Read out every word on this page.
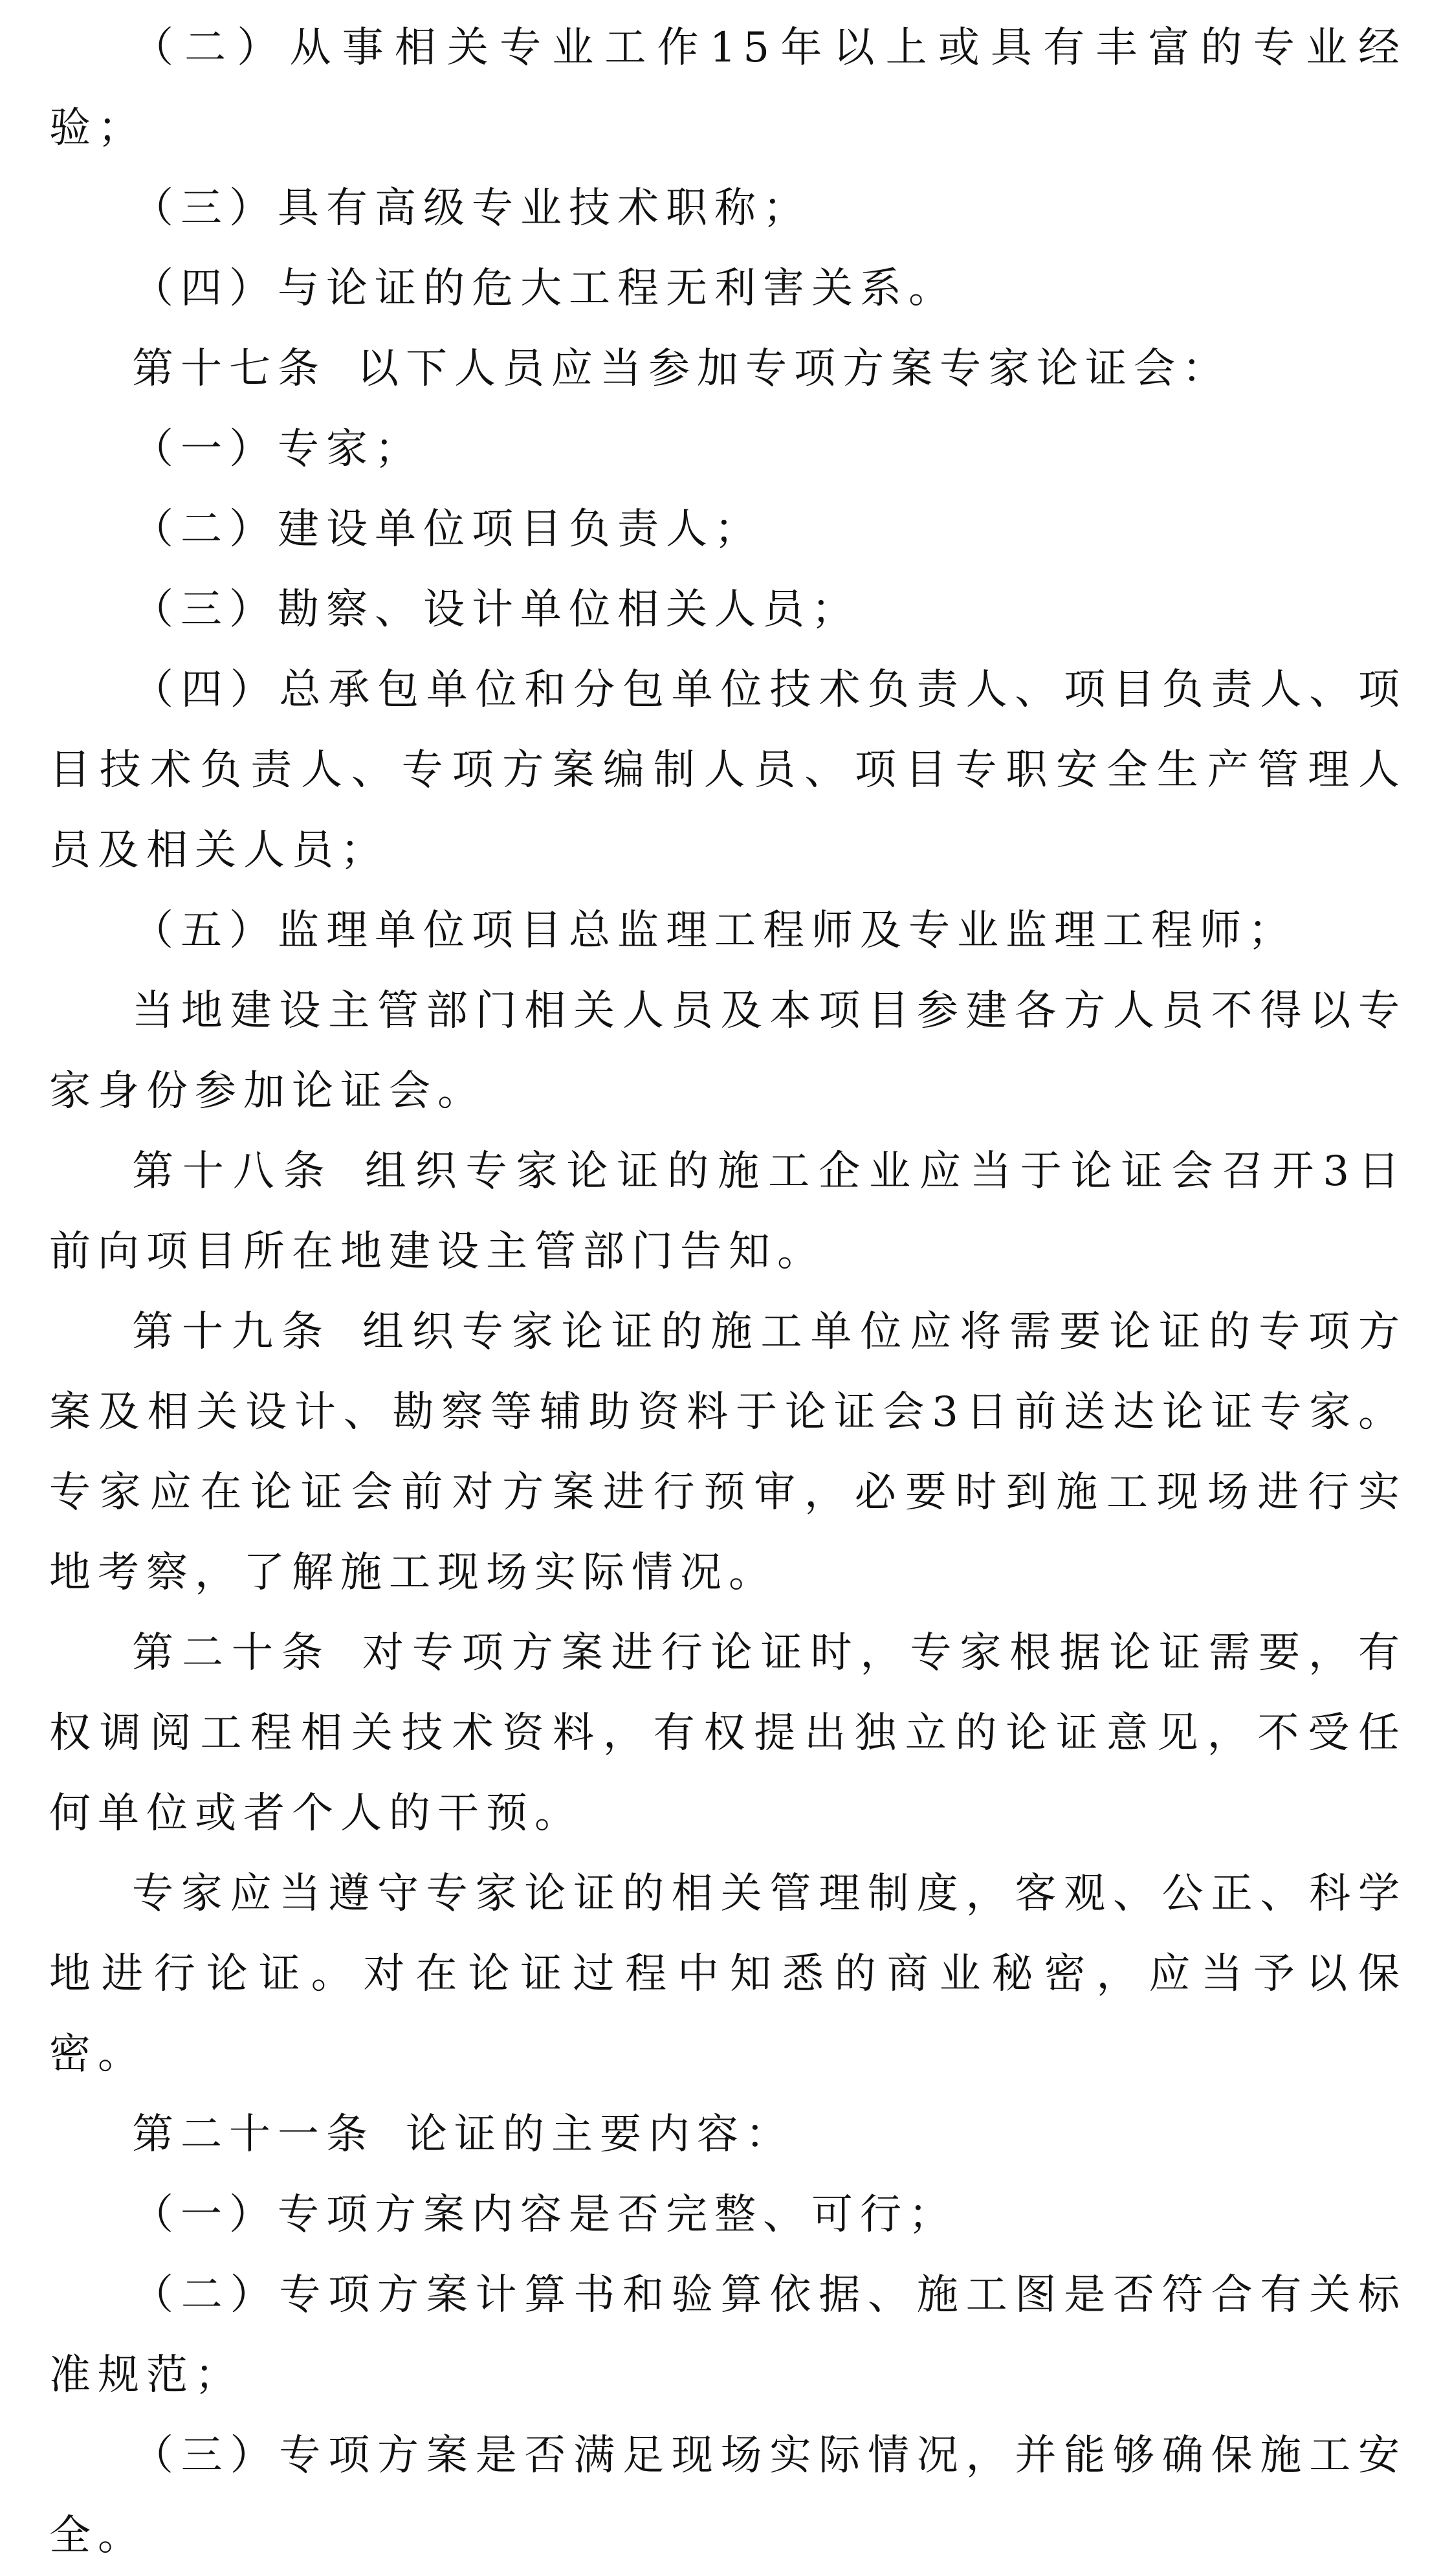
（二）从事相关专业工作15年以上或具有丰富的专业经验；

（三）具有高级专业技术职称；

（四）与论证的危大工程无利害关系。

第十七条 以下人员应当参加专项方案专家论证会：

（一）专家；

（二）建设单位项目负责人；

（三）勘察、设计单位相关人员；

（四）总承包单位和分包单位技术负责人、项目负责人、项目技术负责人、专项方案编制人员、项目专职安全生产管理人员及相关人员；

（五）监理单位项目总监理工程师及专业监理工程师；

当地建设主管部门相关人员及本项目参建各方人员不得以专家身份参加论证会。

第十八条 组织专家论证的施工企业应当于论证会召开3日前向项目所在地建设主管部门告知。

第十九条 组织专家论证的施工单位应将需要论证的专项方案及相关设计、勘察等辅助资料于论证会3日前送达论证专家。专家应在论证会前对方案进行预审，必要时到施工现场进行实地考察，了解施工现场实际情况。

第二十条 对专项方案进行论证时，专家根据论证需要，有权调阅工程相关技术资料，有权提出独立的论证意见，不受任何单位或者个人的干预。

专家应当遵守专家论证的相关管理制度，客观、公正、科学地进行论证。对在论证过程中知悉的商业秘密，应当予以保密。

第二十一条 论证的主要内容：

（一）专项方案内容是否完整、可行；

（二）专项方案计算书和验算依据、施工图是否符合有关标准规范；

（三）专项方案是否满足现场实际情况，并能够确保施工安全。
